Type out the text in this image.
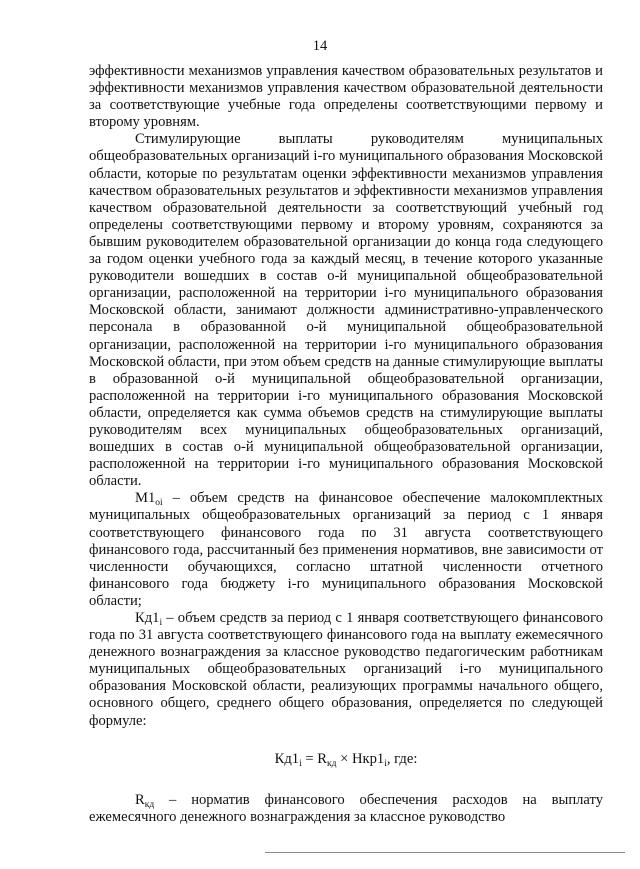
14

эффективности механизмов управления качеством образовательных результатов и эффективности механизмов управления качеством образовательной деятельности за соответствующие учебные года определены соответствующими первому и второму уровням.

Стимулирующие выплаты руководителям муниципальных общеобразовательных организаций i-го муниципального образования Московской области, которые по результатам оценки эффективности механизмов управления качеством образовательных результатов и эффективности механизмов управления качеством образовательной деятельности за соответствующий учебный год определены соответствующими первому и второму уровням, сохраняются за бывшим руководителем образовательной организации до конца года следующего за годом оценки учебного года за каждый месяц, в течение которого указанные руководители вошедших в состав о-й муниципальной общеобразовательной организации, расположенной на территории i-го муниципального образования Московской области, занимают должности административно-управленческого персонала в образованной о-й муниципальной общеобразовательной организации, расположенной на территории i-го муниципального образования Московской области, при этом объем средств на данные стимулирующие выплаты в образованной о-й муниципальной общеобразовательной организации, расположенной на территории i-го муниципального образования Московской области, определяется как сумма объемов средств на стимулирующие выплаты руководителям всех муниципальных общеобразовательных организаций, вошедших в состав о-й муниципальной общеобразовательной организации, расположенной на территории i-го муниципального образования Московской области.

$М1_{oi}$ – объем средств на финансовое обеспечение малокомплектных муниципальных общеобразовательных организаций за период с 1 января соответствующего финансового года по 31 августа соответствующего финансового года, рассчитанный без применения нормативов, вне зависимости от численности обучающихся, согласно штатной численности отчетного финансового года бюджету i-го муниципального образования Московской области;

$Кд1_i$ – объем средств за период с 1 января соответствующего финансового года по 31 августа соответствующего финансового года на выплату ежемесячного денежного вознаграждения за классное руководство педагогическим работникам муниципальных общеобразовательных организаций i-го муниципального образования Московской области, реализующих программы начального общего, основного общего, среднего общего образования, определяется по следующей формуле:

$Кд1_i = R_{кд} \times Нкр1_i$, где:

$R_{кд}$ – норматив финансового обеспечения расходов на выплату ежемесячного денежного вознаграждения за классное руководство
